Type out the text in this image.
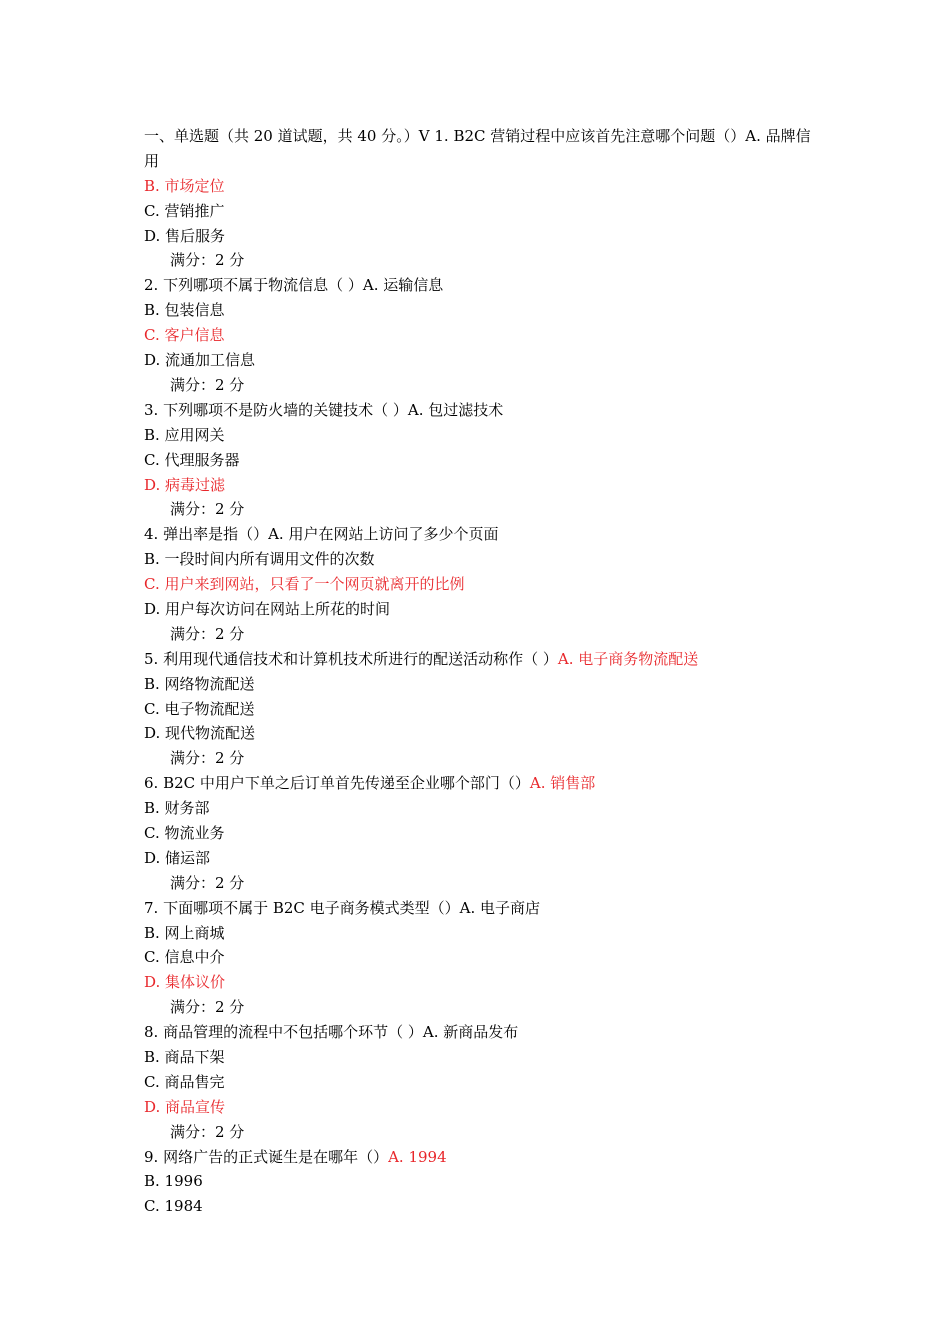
一、单选题（共 20 道试题，共 40 分。）V 1. B2C 营销过程中应该首先注意哪个问题（）A. 品牌信用
B. 市场定位
C. 营销推广
D. 售后服务
满分：2 分
2. 下列哪项不属于物流信息（ ）A. 运输信息
B. 包装信息
C. 客户信息
D. 流通加工信息
满分：2 分
3. 下列哪项不是防火墙的关键技术（ ）A. 包过滤技术
B. 应用网关
C. 代理服务器
D. 病毒过滤
满分：2 分
4. 弹出率是指（）A. 用户在网站上访问了多少个页面
B. 一段时间内所有调用文件的次数
C. 用户来到网站，只看了一个网页就离开的比例
D. 用户每次访问在网站上所花的时间
满分：2 分
5. 利用现代通信技术和计算机技术所进行的配送活动称作（ ）A. 电子商务物流配送
B. 网络物流配送
C. 电子物流配送
D. 现代物流配送
满分：2 分
6. B2C 中用户下单之后订单首先传递至企业哪个部门（）A. 销售部
B. 财务部
C. 物流业务
D. 储运部
满分：2 分
7. 下面哪项不属于 B2C 电子商务模式类型（）A. 电子商店
B. 网上商城
C. 信息中介
D. 集体议价
满分：2 分
8. 商品管理的流程中不包括哪个环节（ ）A. 新商品发布
B. 商品下架
C. 商品售完
D. 商品宣传
满分：2 分
9. 网络广告的正式诞生是在哪年（）A. 1994
B. 1996
C. 1984
